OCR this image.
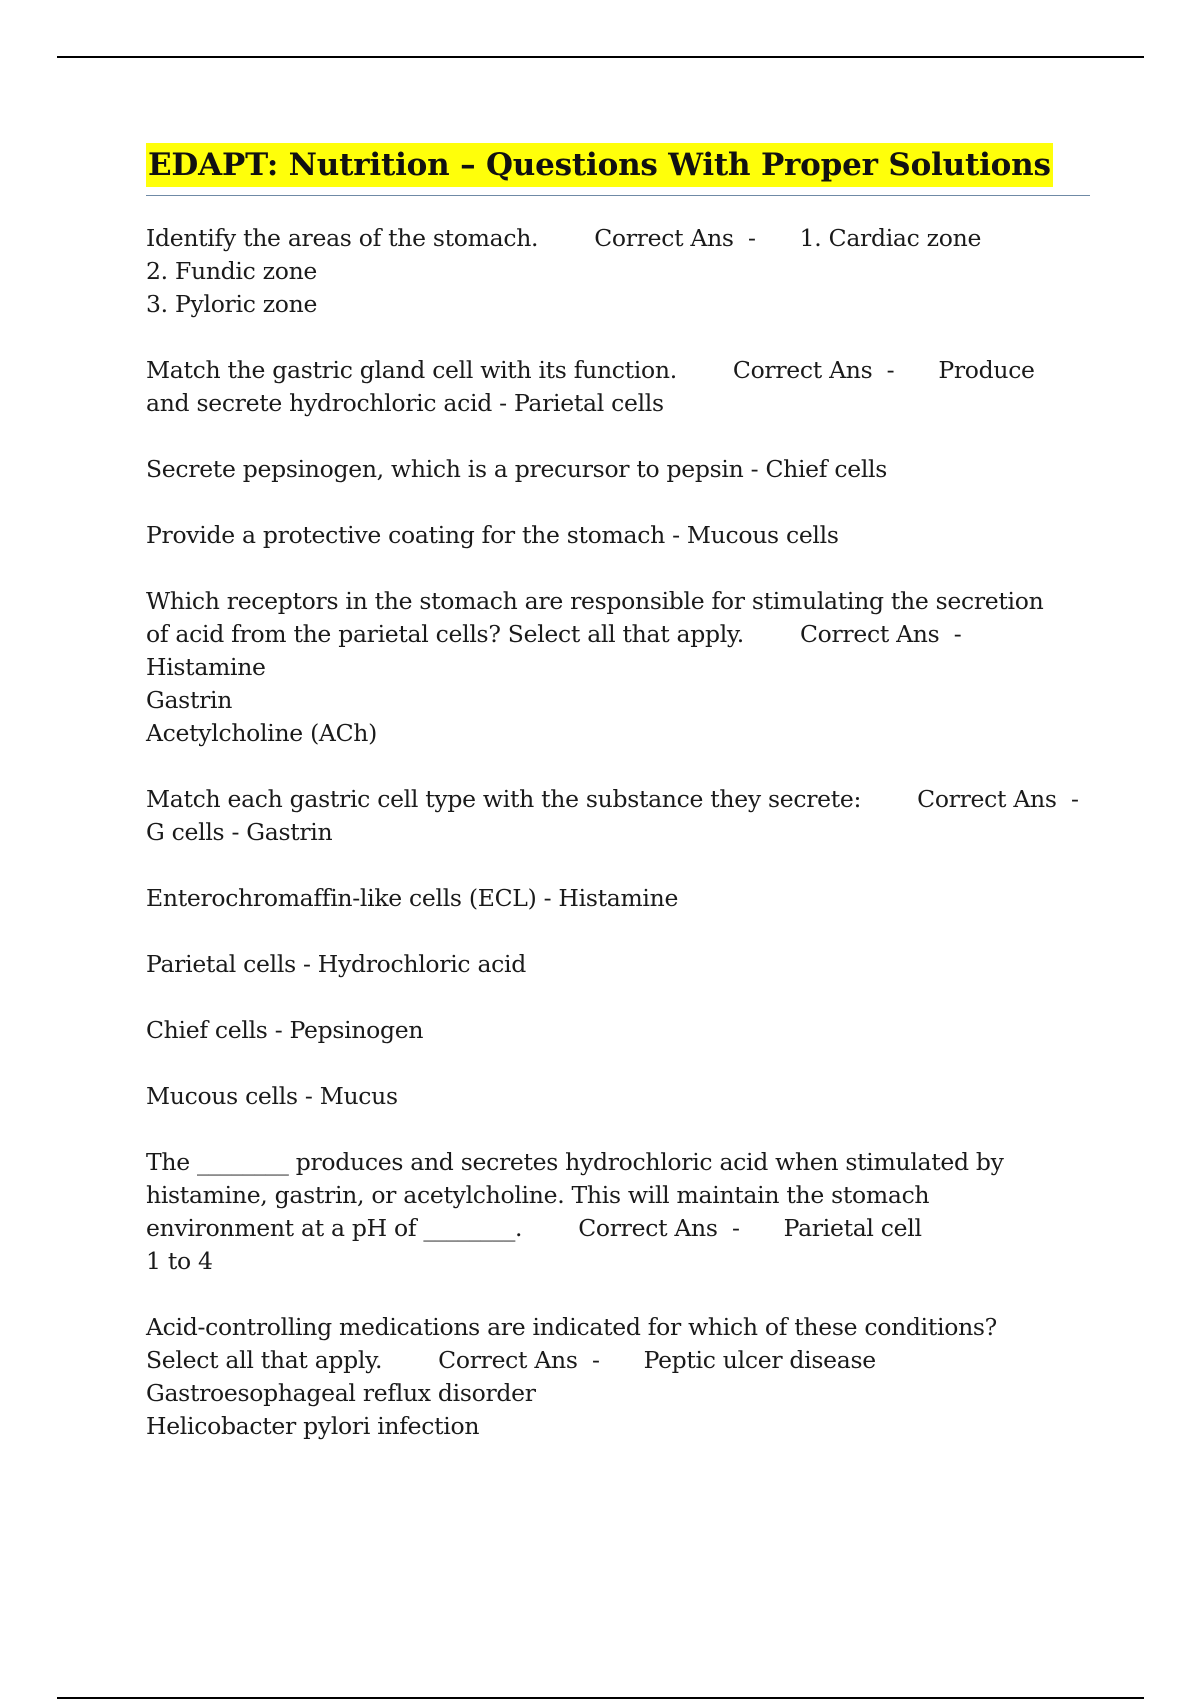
EDAPT: Nutrition – Questions With Proper Solutions
Identify the areas of the stomach. Correct Ans  - 1. Cardiac zone
2. Fundic zone
3. Pyloric zone
Match the gastric gland cell with its function. Correct Ans  - Produce
and secrete hydrochloric acid - Parietal cells
Secrete pepsinogen, which is a precursor to pepsin - Chief cells
Provide a protective coating for the stomach - Mucous cells
Which receptors in the stomach are responsible for stimulating the secretion
of acid from the parietal cells? Select all that apply. Correct Ans  -
Histamine
Gastrin
Acetylcholine (ACh)
Match each gastric cell type with the substance they secrete: Correct Ans  -
G cells - Gastrin
Enterochromaffin-like cells (ECL) - Histamine
Parietal cells - Hydrochloric acid
Chief cells - Pepsinogen
Mucous cells - Mucus
The ________ produces and secretes hydrochloric acid when stimulated by
histamine, gastrin, or acetylcholine. This will maintain the stomach
environment at a pH of ________. Correct Ans  - Parietal cell
1 to 4
Acid-controlling medications are indicated for which of these conditions?
Select all that apply. Correct Ans  - Peptic ulcer disease
Gastroesophageal reflux disorder
Helicobacter pylori infection
